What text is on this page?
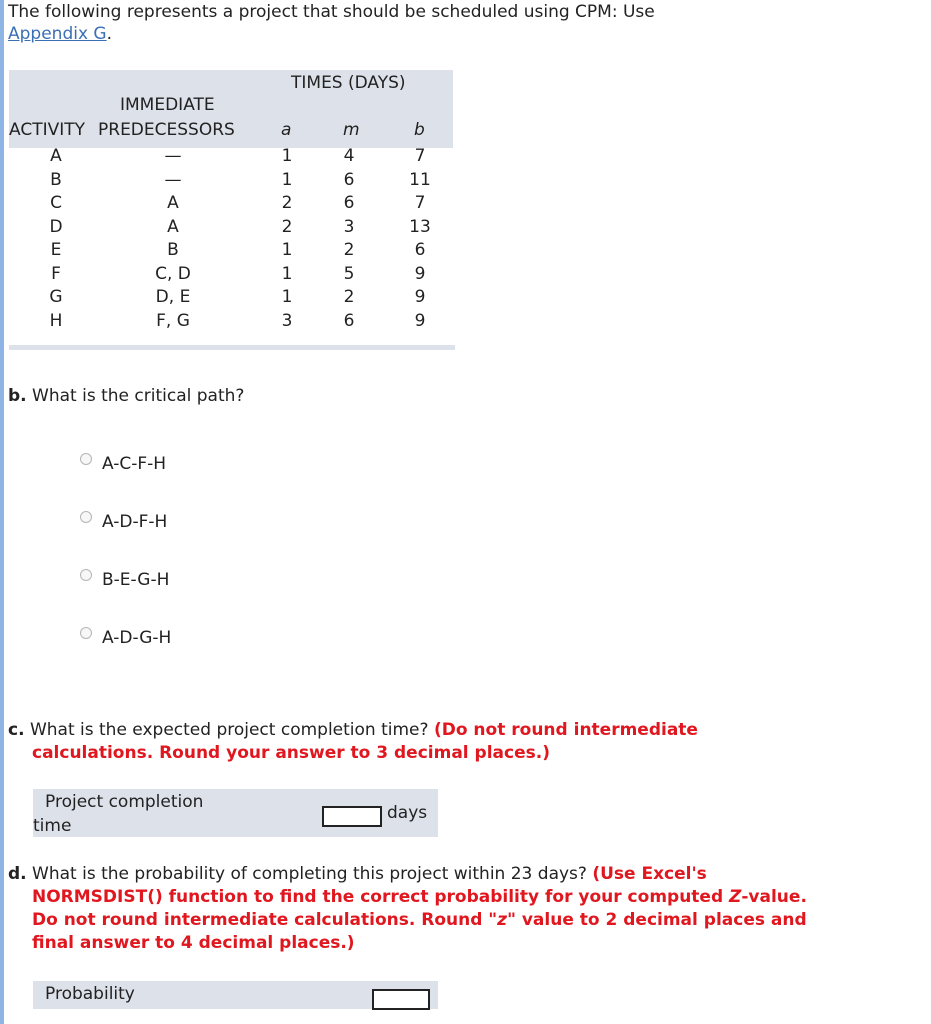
The following represents a project that should be scheduled using CPM: Use
Appendix G.
TIMES (DAYS)
IMMEDIATE
ACTIVITY PREDECESSORS	a	m	b
A	—	1	4	7
B	—	1	6	11
C	A	2	6	7
D	A	2	3	13
E	B	1	2	6
F	C, D	1	5	9
G	D, E	1	2	9
H	F, G	3	6	9
b. What is the critical path?
A-C-F-H
A-D-F-H
B-E-G-H
A-D-G-H
c. What is the expected project completion time? (Do not round intermediate
calculations. Round your answer to 3 decimal places.)
Project completion
time
days
d. What is the probability of completing this project within 23 days? (Use Excel's
NORMSDIST() function to find the correct probability for your computed Z-value.
Do not round intermediate calculations. Round "z" value to 2 decimal places and
final answer to 4 decimal places.)
Probability
